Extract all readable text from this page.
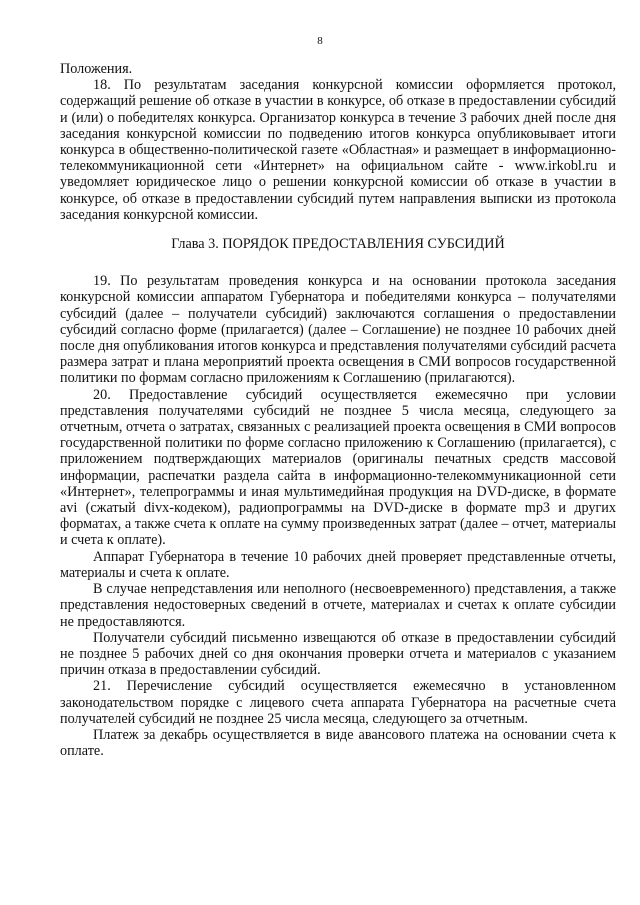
8

Положения.

18. По результатам заседания конкурсной комиссии оформляется протокол, содержащий решение об отказе в участии в конкурсе, об отказе в предоставлении субсидий и (или) о победителях конкурса. Организатор конкурса в течение 3 рабочих дней после дня заседания конкурсной комиссии по подведению итогов конкурса опубликовывает итоги конкурса в общественно-политической газете «Областная» и размещает в информационно-телекоммуникационной сети «Интернет» на официальном сайте - www.irkobl.ru и уведомляет юридическое лицо о решении конкурсной комиссии об отказе в участии в конкурсе, об отказе в предоставлении субсидий путем направления выписки из протокола заседания конкурсной комиссии.

Глава 3. ПОРЯДОК ПРЕДОСТАВЛЕНИЯ СУБСИДИЙ

19. По результатам проведения конкурса и на основании протокола заседания конкурсной комиссии аппаратом Губернатора и победителями конкурса – получателями субсидий (далее – получатели субсидий) заключаются соглашения о предоставлении субсидий согласно форме (прилагается) (далее – Соглашение) не позднее 10 рабочих дней после дня опубликования итогов конкурса и представления получателями субсидий расчета размера затрат и плана мероприятий проекта освещения в СМИ вопросов государственной политики по формам согласно приложениям к Соглашению (прилагаются).

20. Предоставление субсидий осуществляется ежемесячно при условии представления получателями субсидий не позднее 5 числа месяца, следующего за отчетным, отчета о затратах, связанных с реализацией проекта освещения в СМИ вопросов государственной политики по форме согласно приложению к Соглашению (прилагается), с приложением подтверждающих материалов (оригиналы печатных средств массовой информации, распечатки раздела сайта в информационно-телекоммуникационной сети «Интернет», телепрограммы и иная мультимедийная продукция на DVD-диске, в формате avi (сжатый divx-кодеком), радиопрограммы на DVD-диске в формате mp3 и других форматах, а также счета к оплате на сумму произведенных затрат (далее – отчет, материалы и счета к оплате).

Аппарат Губернатора в течение 10 рабочих дней проверяет представленные отчеты, материалы и счета к оплате.

В случае непредставления или неполного (несвоевременного) представления, а также представления недостоверных сведений в отчете, материалах и счетах к оплате субсидии не предоставляются.

Получатели субсидий письменно извещаются об отказе в предоставлении субсидий не позднее 5 рабочих дней со дня окончания проверки отчета и материалов с указанием причин отказа в предоставлении субсидий.

21. Перечисление субсидий осуществляется ежемесячно в установленном законодательством порядке с лицевого счета аппарата Губернатора на расчетные счета получателей субсидий не позднее 25 числа месяца, следующего за отчетным.

Платеж за декабрь осуществляется в виде авансового платежа на основании счета к оплате.
